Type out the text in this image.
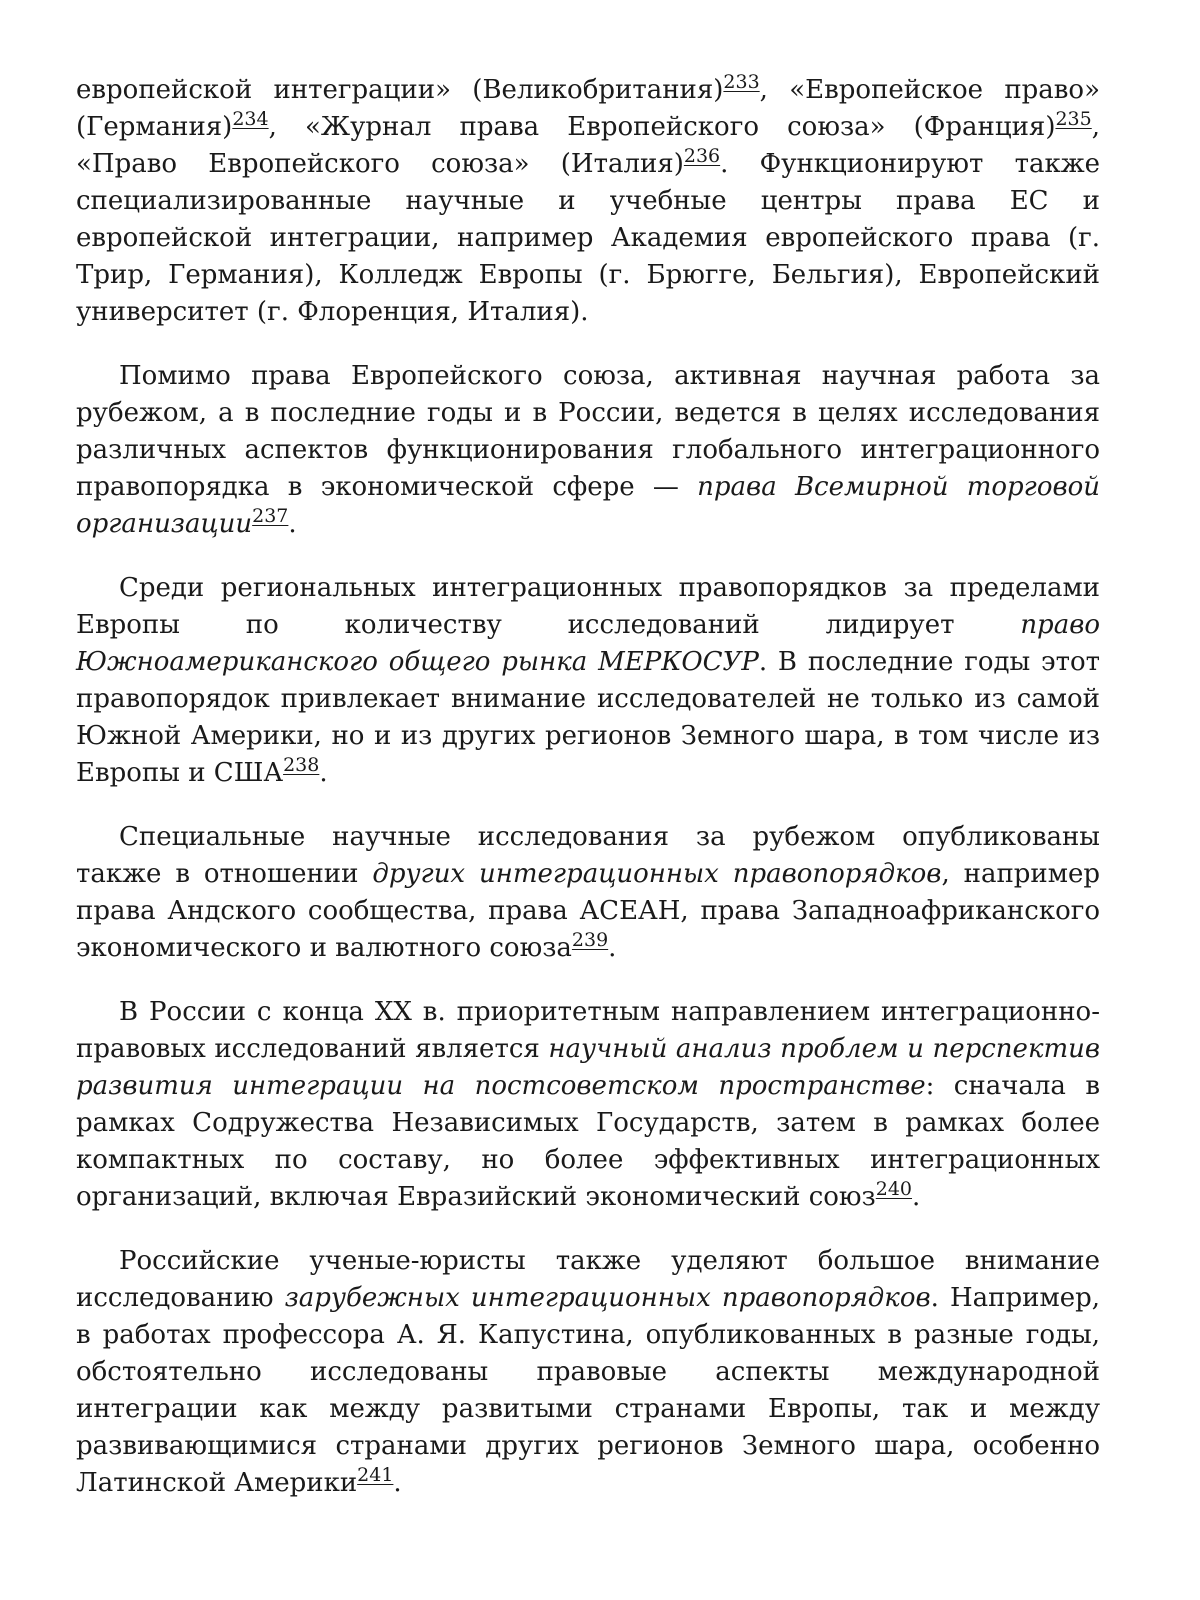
европейской интеграции» (Великобритания)$^{233}$, «Европейское право» (Германия)$^{234}$, «Журнал права Европейского союза» (Франция)$^{235}$, «Право Европейского союза» (Италия)$^{236}$. Функционируют также специализированные научные и учебные центры права ЕС и европейской интеграции, например Академия европейского права (г. Трир, Германия), Колледж Европы (г. Брюгге, Бельгия), Европейский университет (г. Флоренция, Италия).

Помимо права Европейского союза, активная научная работа за рубежом, а в последние годы и в России, ведется в целях исследования различных аспектов функционирования глобального интеграционного правопорядка в экономической сфере — права Всемирной торговой организации$^{237}$.

Среди региональных интеграционных правопорядков за пределами Европы по количеству исследований лидирует право Южноамериканского общего рынка МЕРКОСУР. В последние годы этот правопорядок привлекает внимание исследователей не только из самой Южной Америки, но и из других регионов Земного шара, в том числе из Европы и США$^{238}$.

Специальные научные исследования за рубежом опубликованы также в отношении других интеграционных правопорядков, например права Андского сообщества, права АСЕАН, права Западноафриканского экономического и валютного союза$^{239}$.

В России с конца XX в. приоритетным направлением интеграционно-правовых исследований является научный анализ проблем и перспектив развития интеграции на постсоветском пространстве: сначала в рамках Содружества Независимых Государств, затем в рамках более компактных по составу, но более эффективных интеграционных организаций, включая Евразийский экономический союз$^{240}$.

Российские ученые-юристы также уделяют большое внимание исследованию зарубежных интеграционных правопорядков. Например, в работах профессора А. Я. Капустина, опубликованных в разные годы, обстоятельно исследованы правовые аспекты международной интеграции как между развитыми странами Европы, так и между развивающимися странами других регионов Земного шара, особенно Латинской Америки$^{241}$.
